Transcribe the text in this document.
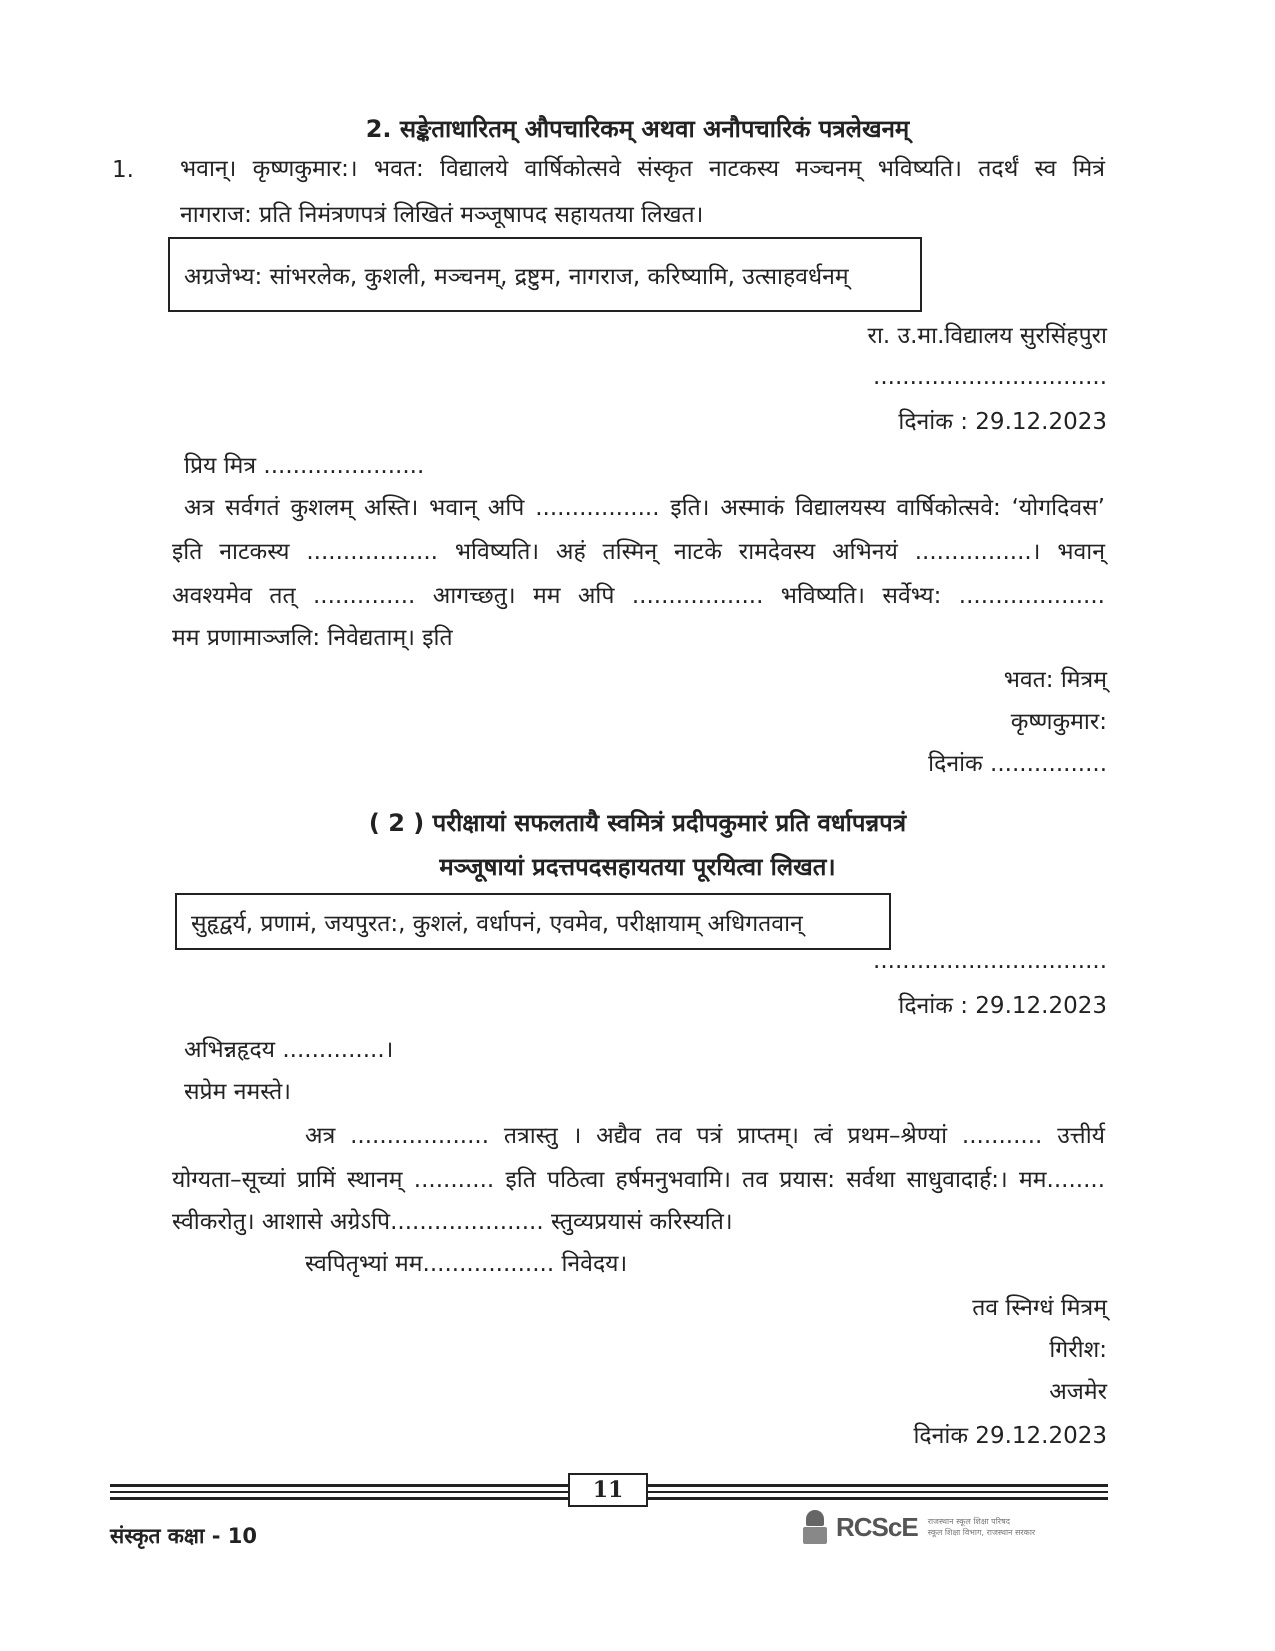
2. सङ्केताधारितम् औपचारिकम् अथवा अनौपचारिकं पत्रलेखनम्
1. भवान्। कृष्णकुमार:। भवत: विद्यालये वार्षिकोत्सवे संस्कृत नाटकस्य मञ्चनम् भविष्यति। तदर्थं स्व मित्रं
नागराज: प्रति निमंत्रणपत्रं लिखितं मञ्जूषापद सहायतया लिखत।
अग्रजेभ्य: सांभरलेक, कुशली, मञ्चनम्, द्रष्टुम, नागराज, करिष्यामि, उत्साहवर्धनम्
रा. उ.मा.विद्यालय सुरसिंहपुरा
................................
दिनांक : 29.12.2023
प्रिय मित्र ......................
अत्र सर्वगतं कुशलम् अस्ति। भवान् अपि ................. इति। अस्माकं विद्यालयस्य वार्षिकोत्सवे: ‘योगदिवस’
इति नाटकस्य .................. भविष्यति। अहं तस्मिन् नाटके रामदेवस्य अभिनयं ................। भवान्
अवश्यमेव तत् .............. आगच्छतु। मम अपि .................. भविष्यति। सर्वेभ्य: ....................
मम प्रणामाञ्जलि: निवेद्यताम्। इति
भवत: मित्रम्
कृष्णकुमार:
दिनांक ................
( 2 ) परीक्षायां सफलतायै स्वमित्रं प्रदीपकुमारं प्रति वर्धापन्नपत्रं
मञ्जूषायां प्रदत्तपदसहायतया पूरयित्वा लिखत।
सुहृद्वर्य, प्रणामं, जयपुरत:, कुशलं, वर्धापनं, एवमेव, परीक्षायाम् अधिगतवान्
................................
दिनांक : 29.12.2023
अभिन्नहृदय ..............।
सप्रेम नमस्ते।
अत्र ................... तत्रास्तु । अद्यैव तव पत्रं प्राप्तम्। त्वं प्रथम–श्रेण्यां ........... उत्तीर्य
योग्यता–सूच्यां प्रामिं स्थानम् ........... इति पठित्वा हर्षमनुभवामि। तव प्रयास: सर्वथा साधुवादार्ह:। मम........
स्वीकरोतु। आशासे अग्रेऽपि..................... स्तुव्यप्रयासं करिस्यति।
स्वपितृभ्यां मम.................. निवेदय।
तव स्निग्धं मित्रम्
गिरीश:
अजमेर
दिनांक 29.12.2023
11
संस्कृत कक्षा - 10	RCScE राजस्थान स्कूल शिक्षा परिषद
स्कूल शिक्षा विभाग, राजस्थान सरकार
